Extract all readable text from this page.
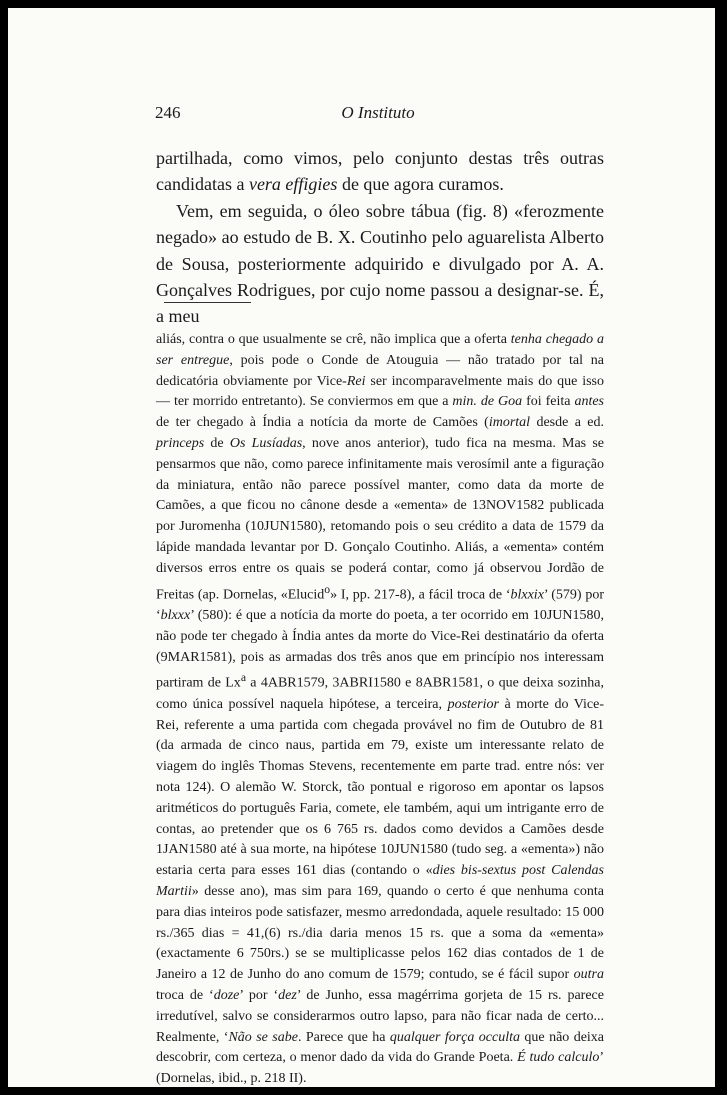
246	O Instituto

partilhada, como vimos, pelo conjunto destas três outras candidatas a vera effigies de que agora curamos.

Vem, em seguida, o óleo sobre tábua (fig. 8) «ferozmente negado» ao estudo de B. X. Coutinho pelo aguarelista Alberto de Sousa, posteriormente adquirido e divulgado por A. A. Gonçalves Rodrigues, por cujo nome passou a designar-se. É, a meu

aliás, contra o que usualmente se crê, não implica que a oferta tenha chegado a ser entregue, pois pode o Conde de Atouguia — não tratado por tal na dedicatória obviamente por Vice-Rei ser incomparavelmente mais do que isso — ter morrido entretanto). Se conviermos em que a min. de Goa foi feita antes de ter chegado à Índia a notícia da morte de Camões (imortal desde a ed. princeps de Os Lusíadas, nove anos anterior), tudo fica na mesma. Mas se pensarmos que não, como parece infinitamente mais verosímil ante a figuração da miniatura, então não parece possível manter, como data da morte de Camões, a que ficou no cânone desde a «ementa» de 13NOV1582 publicada por Juromenha (10JUN1580), retomando pois o seu crédito a data de 1579 da lápide mandada levantar por D. Gonçalo Coutinho. Aliás, a «ementa» contém diversos erros entre os quais se poderá contar, como já observou Jordão de Freitas (ap. Dornelas, «Elucid$^o$» I, pp. 217-8), a fácil troca de ‘blxxix’ (579) por ‘blxxx’ (580): é que a notícia da morte do poeta, a ter ocorrido em 10JUN1580, não pode ter chegado à Índia antes da morte do Vice-Rei destinatário da oferta (9MAR1581), pois as armadas dos três anos que em princípio nos interessam partiram de Lx$^a$ a 4ABR1579, 3ABRI1580 e 8ABR1581, o que deixa sozinha, como única possível naquela hipótese, a terceira, posterior à morte do Vice-Rei, referente a uma partida com chegada provável no fim de Outubro de 81 (da armada de cinco naus, partida em 79, existe um interessante relato de viagem do inglês Thomas Stevens, recentemente em parte trad. entre nós: ver nota 124). O alemão W. Storck, tão pontual e rigoroso em apontar os lapsos aritméticos do português Faria, comete, ele também, aqui um intrigante erro de contas, ao pretender que os 6 765 rs. dados como devidos a Camões desde 1JAN1580 até à sua morte, na hipótese 10JUN1580 (tudo seg. a «ementa») não estaria certa para esses 161 dias (contando o «dies bis-sextus post Calendas Martii» desse ano), mas sim para 169, quando o certo é que nenhuma conta para dias inteiros pode satisfazer, mesmo arredondada, aquele resultado: 15 000 rs./365 dias = 41,(6) rs./dia daria menos 15 rs. que a soma da «ementa» (exactamente 6 750rs.) se se multiplicasse pelos 162 dias contados de 1 de Janeiro a 12 de Junho do ano comum de 1579; contudo, se é fácil supor outra troca de ‘doze’ por ‘dez’ de Junho, essa magérrima gorjeta de 15 rs. parece irredutível, salvo se considerarmos outro lapso, para não ficar nada de certo... Realmente, ‘Não se sabe. Parece que ha qualquer força occulta que não deixa descobrir, com certeza, o menor dado da vida do Grande Poeta. É tudo calculo’ (Dornelas, ibid., p. 218 II).
